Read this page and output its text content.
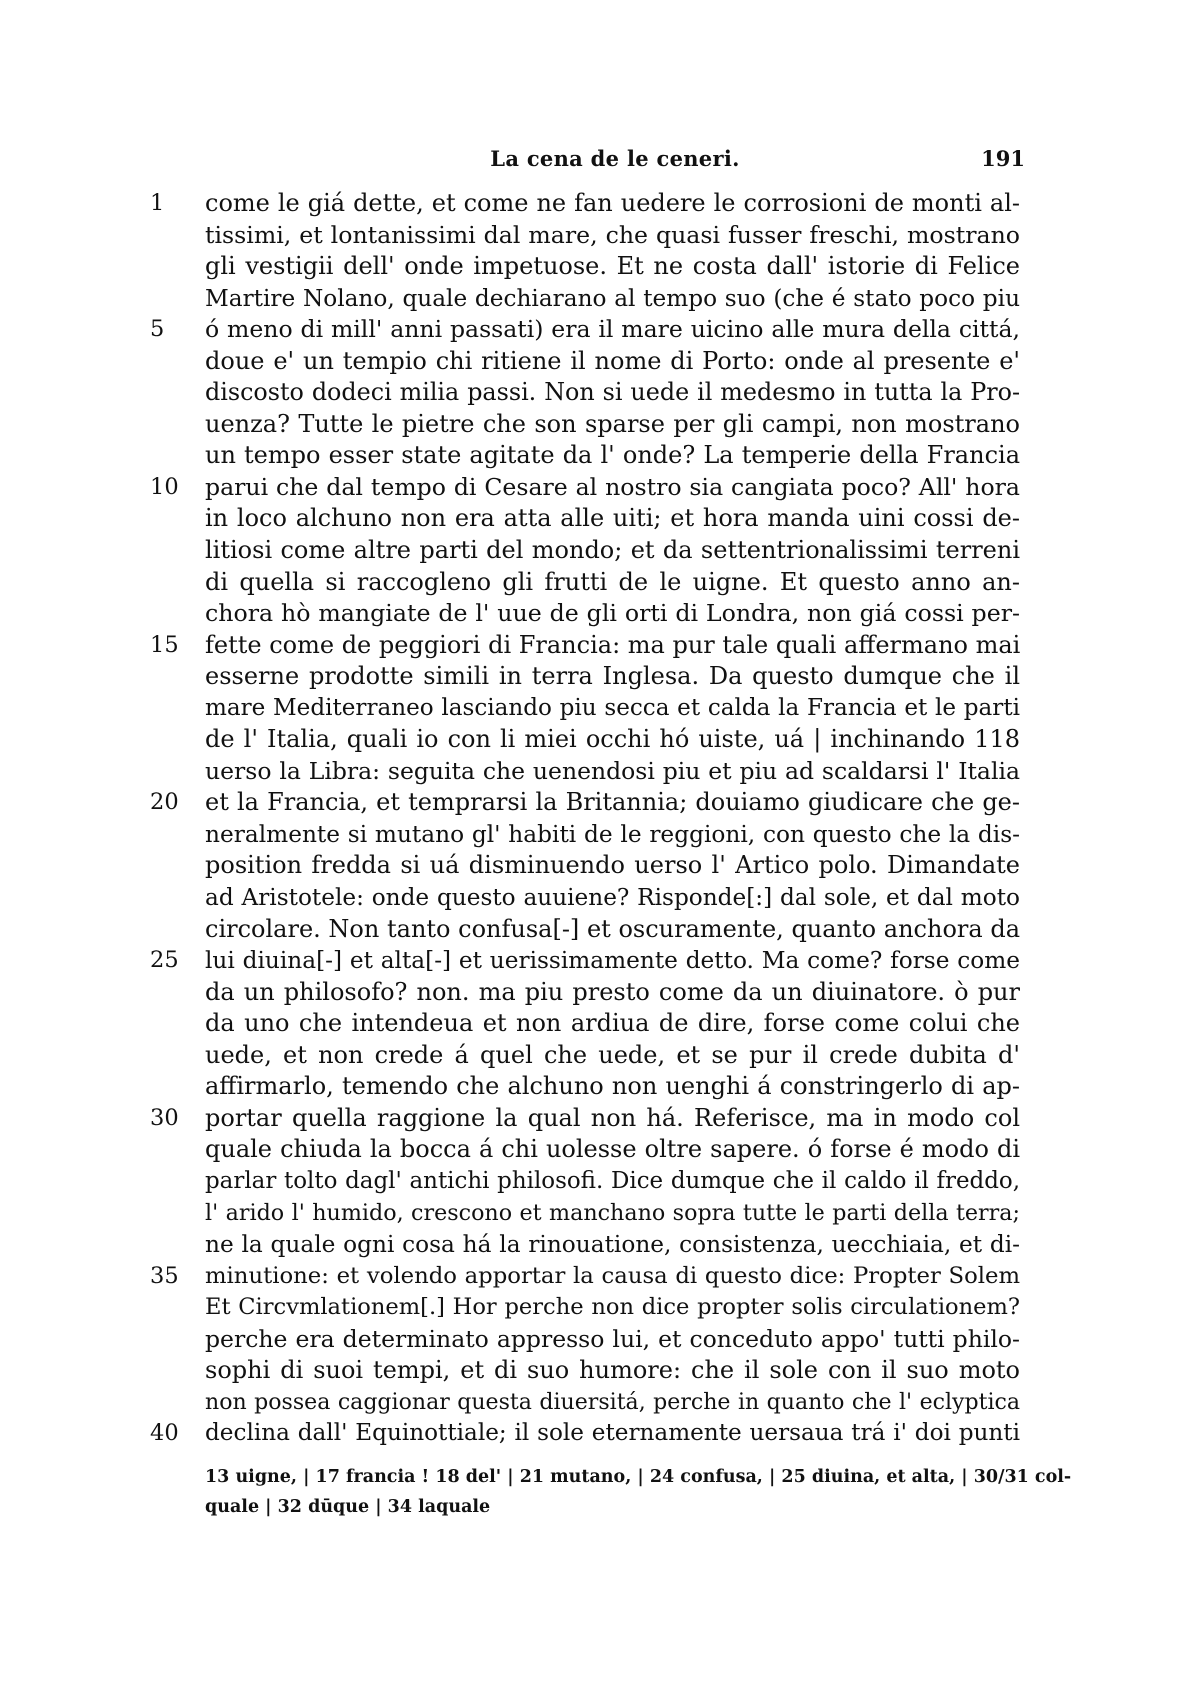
La cena de le ceneri.	191
1	come le giá dette, et come ne fan uedere le corrosioni de monti al-
tissimi, et lontanissimi dal mare, che quasi fusser freschi, mostrano
gli vestigii dell' onde impetuose. Et ne costa dall' istorie di Felice
Martire Nolano, quale dechiarano al tempo suo (che é stato poco piu
5	ó meno di mill' anni passati) era il mare uicino alle mura della cittá,
doue e' un tempio chi ritiene il nome di Porto: onde al presente e'
discosto dodeci milia passi. Non si uede il medesmo in tutta la Pro-
uenza? Tutte le pietre che son sparse per gli campi, non mostrano
un tempo esser state agitate da l' onde? La temperie della Francia
10	parui che dal tempo di Cesare al nostro sia cangiata poco? All' hora
in loco alchuno non era atta alle uiti; et hora manda uini cossi de-
litiosi come altre parti del mondo; et da settentrionalissimi terreni
di quella si raccogleno gli frutti de le uigne. Et questo anno an-
chora hò mangiate de l' uue de gli orti di Londra, non giá cossi per-
15	fette come de peggiori di Francia: ma pur tale quali affermano mai
esserne prodotte simili in terra Inglesa. Da questo dumque che il
mare Mediterraneo lasciando piu secca et calda la Francia et le parti
de l' Italia, quali io con li miei occhi hó uiste, uá | inchinando 118
uerso la Libra: seguita che uenendosi piu et piu ad scaldarsi l' Italia
20	et la Francia, et temprarsi la Britannia; douiamo giudicare che ge-
neralmente si mutano gl' habiti de le reggioni, con questo che la dis-
position fredda si uá disminuendo uerso l' Artico polo. Dimandate
ad Aristotele: onde questo auuiene? Risponde[:] dal sole, et dal moto
circolare. Non tanto confusa[-] et oscuramente, quanto anchora da
25	lui diuina[-] et alta[-] et uerissimamente detto. Ma come? forse come
da un philosofo? non. ma piu presto come da un diuinatore. ò pur
da uno che intendeua et non ardiua de dire, forse come colui che
uede, et non crede á quel che uede, et se pur il crede dubita d'
affirmarlo, temendo che alchuno non uenghi á constringerlo di ap-
30	portar quella raggione la qual non há. Referisce, ma in modo col
quale chiuda la bocca á chi uolesse oltre sapere. ó forse é modo di
parlar tolto dagl' antichi philosofi. Dice dumque che il caldo il freddo,
l' arido l' humido, crescono et manchano sopra tutte le parti della terra;
ne la quale ogni cosa há la rinouatione, consistenza, uecchiaia, et di-
35	minutione: et volendo apportar la causa di questo dice: Propter Solem
Et Circvmlationem[.] Hor perche non dice propter solis circulationem?
perche era determinato appresso lui, et conceduto appo' tutti philo-
sophi di suoi tempi, et di suo humore: che il sole con il suo moto
non possea caggionar questa diuersitá, perche in quanto che l' eclyptica
40	declina dall' Equinottiale; il sole eternamente uersaua trá i' doi punti
13 uigne, | 17 francia ! 18 del' | 21 mutano, | 24 confusa, | 25 diuina, et alta, | 30/31 col-
quale | 32 dūque | 34 laquale
